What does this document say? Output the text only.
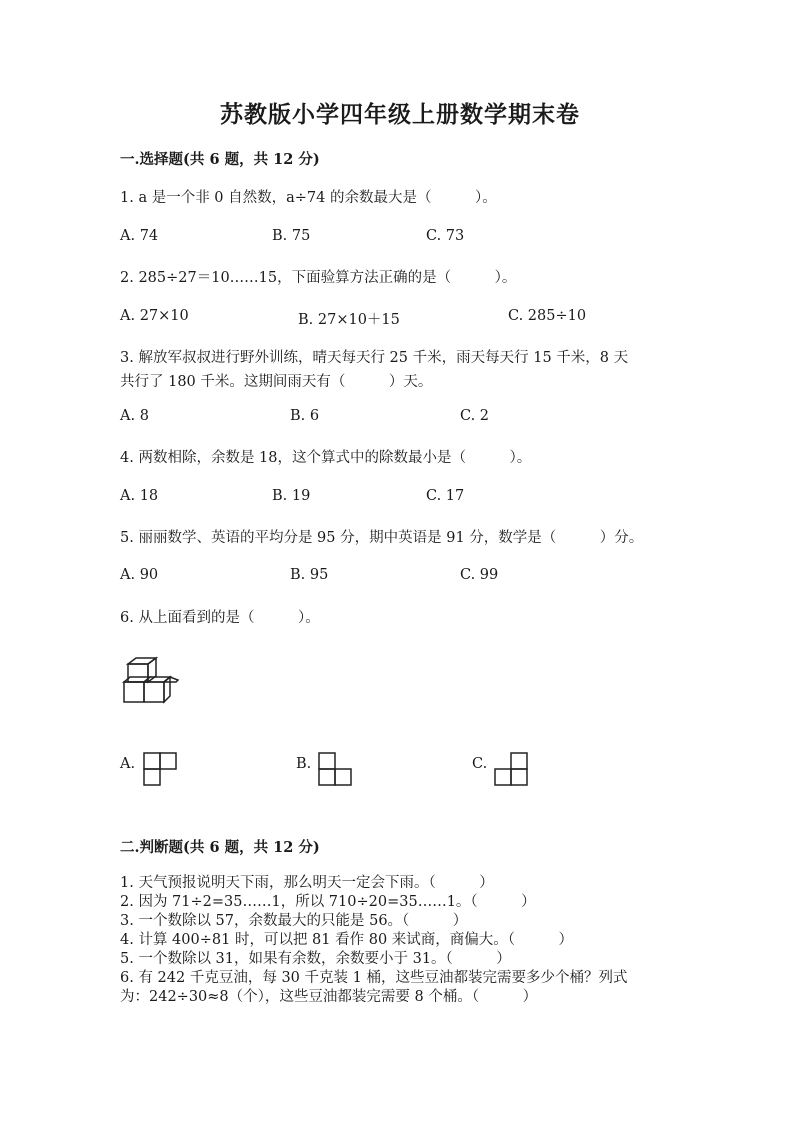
苏教版小学四年级上册数学期末卷
一.选择题(共 6 题，共 12 分)
1. a 是一个非 0 自然数，a÷74 的余数最大是（　　　）。
A. 74	B. 75	C. 73
2. 285÷27＝10……15，下面验算方法正确的是（　　　）。
A. 27×10	B. 27×10＋15	C. 285÷10
3. 解放军叔叔进行野外训练，晴天每天行 25 千米，雨天每天行 15 千米，8 天
共行了 180 千米。这期间雨天有（　　　）天。
A. 8	B. 6	C. 2
4. 两数相除，余数是 18，这个算式中的除数最小是（　　　）。
A. 18	B. 19	C. 17
5. 丽丽数学、英语的平均分是 95 分，期中英语是 91 分，数学是（　　　）分。
A. 90	B. 95	C. 99
6. 从上面看到的是（　　　）。
A.	B.	C.
二.判断题(共 6 题，共 12 分)
1. 天气预报说明天下雨，那么明天一定会下雨。（　　　）
2. 因为 71÷2=35……1，所以 710÷20=35……1。（　　　）
3. 一个数除以 57，余数最大的只能是 56。（　　　）
4. 计算 400÷81 时，可以把 81 看作 80 来试商，商偏大。（　　　）
5. 一个数除以 31，如果有余数，余数要小于 31。（　　　）
6. 有 242 千克豆油，每 30 千克装 1 桶，这些豆油都装完需要多少个桶？列式
为：242÷30≈8（个），这些豆油都装完需要 8 个桶。（　　　）
